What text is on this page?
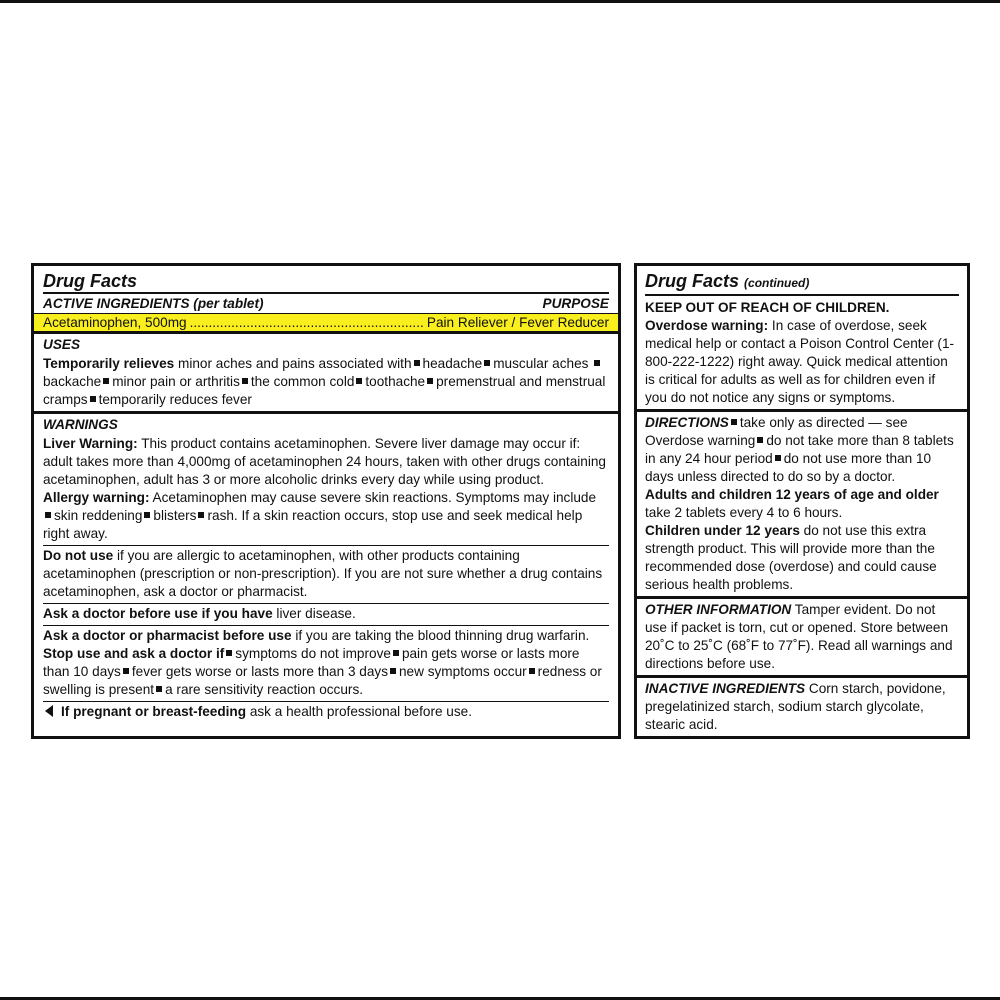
Drug Facts
ACTIVE INGREDIENTS (per tablet)	PURPOSE
Acetaminophen, 500mg
.....	Pain Reliever / Fever Reducer
USES
Temporarily relieves minor aches and pains associated with headache muscular aches backache minor pain or arthritis the common cold toothache premenstrual and menstrual cramps temporarily reduces fever
WARNINGS
Liver Warning: This product contains acetaminophen. Severe liver damage may occur if: adult takes more than 4,000mg of acetaminophen 24 hours, taken with other drugs containing acetaminophen, adult has 3 or more alcoholic drinks every day while using product.
Allergy warning: Acetaminophen may cause severe skin reactions. Symptoms may include skin reddening blisters rash. If a skin reaction occurs, stop use and seek medical help right away.
Do not use if you are allergic to acetaminophen, with other products containing acetaminophen (prescription or non-prescription). If you are not sure whether a drug contains acetaminophen, ask a doctor or pharmacist.
Ask a doctor before use if you have liver disease.
Ask a doctor or pharmacist before use if you are taking the blood thinning drug warfarin.
Stop use and ask a doctor if symptoms do not improve pain gets worse or lasts more than 10 days fever gets worse or lasts more than 3 days new symptoms occur redness or swelling is present a rare sensitivity reaction occurs.
If pregnant or breast-feeding ask a health professional before use.
Drug Facts (continued)
KEEP OUT OF REACH OF CHILDREN.
Overdose warning: In case of overdose, seek medical help or contact a Poison Control Center (1-800-222-1222) right away. Quick medical attention is critical for adults as well as for children even if you do not notice any signs or symptoms.
DIRECTIONS take only as directed — see Overdose warning do not take more than 8 tablets in any 24 hour period do not use more than 10 days unless directed to do so by a doctor.
Adults and children 12 years of age and older
take 2 tablets every 4 to 6 hours.
Children under 12 years do not use this extra strength product. This will provide more than the recommended dose (overdose) and could cause serious health problems.
OTHER INFORMATION Tamper evident. Do not use if packet is torn, cut or opened. Store between 20˚C to 25˚C (68˚F to 77˚F). Read all warnings and directions before use.
INACTIVE INGREDIENTS Corn starch, povidone, pregelatinized starch, sodium starch glycolate, stearic acid.
